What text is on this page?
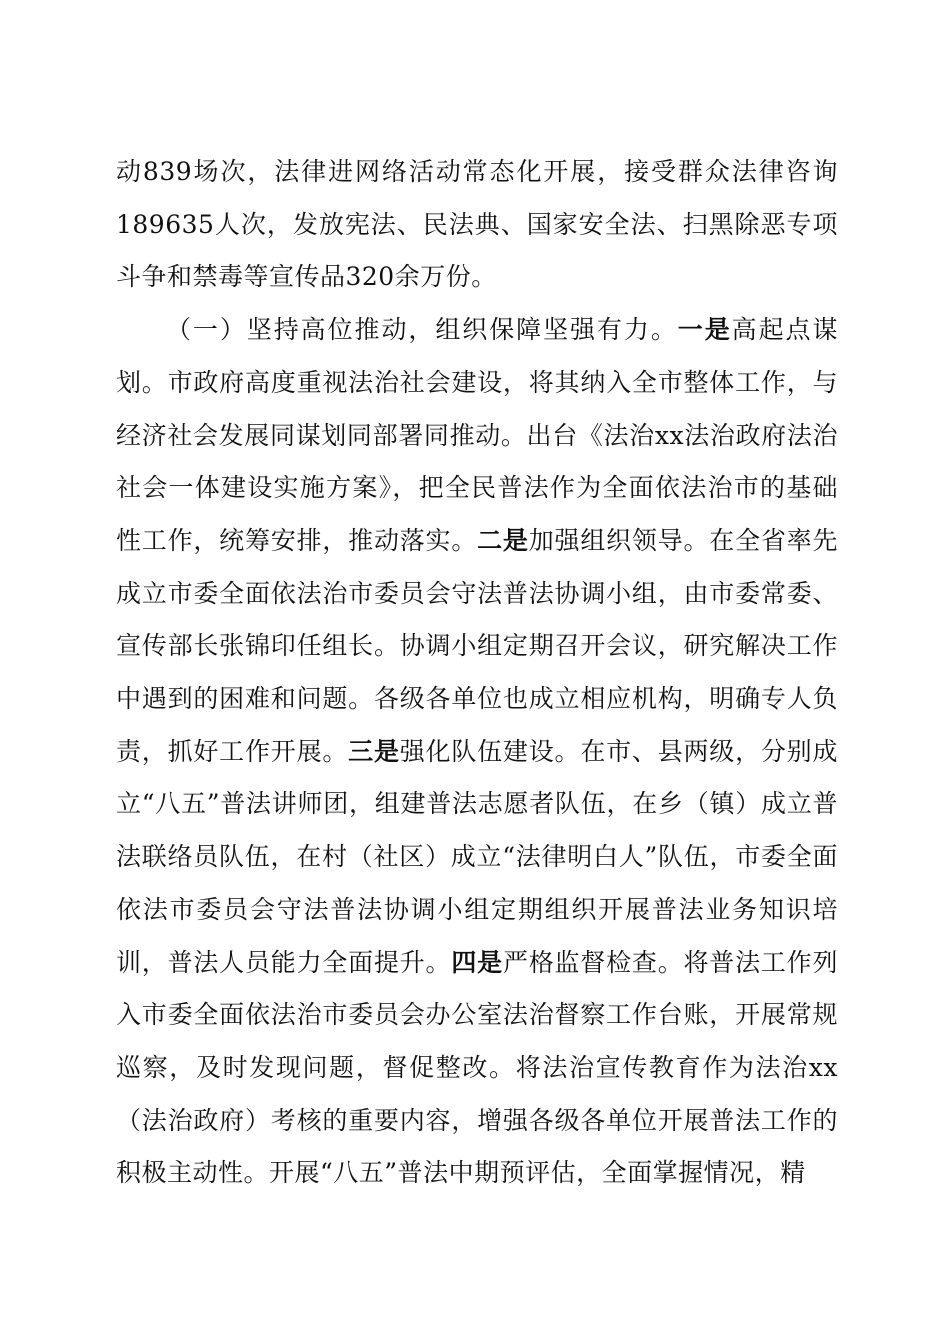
动839场次，法律进网络活动常态化开展，接受群众法律咨询189635人次，发放宪法、民法典、国家安全法、扫黑除恶专项斗争和禁毒等宣传品320余万份。

（一）坚持高位推动，组织保障坚强有力。一是高起点谋划。市政府高度重视法治社会建设，将其纳入全市整体工作，与经济社会发展同谋划同部署同推动。出台《法治xx法治政府法治社会一体建设实施方案》，把全民普法作为全面依法治市的基础性工作，统筹安排，推动落实。二是加强组织领导。在全省率先成立市委全面依法治市委员会守法普法协调小组，由市委常委、宣传部长张锦印任组长。协调小组定期召开会议，研究解决工作中遇到的困难和问题。各级各单位也成立相应机构，明确专人负责，抓好工作开展。三是强化队伍建设。在市、县两级，分别成立“八五”普法讲师团，组建普法志愿者队伍，在乡（镇）成立普法联络员队伍，在村（社区）成立“法律明白人”队伍，市委全面依法市委员会守法普法协调小组定期组织开展普法业务知识培训，普法人员能力全面提升。四是严格监督检查。将普法工作列入市委全面依法治市委员会办公室法治督察工作台账，开展常规巡察，及时发现问题，督促整改。将法治宣传教育作为法治xx（法治政府）考核的重要内容，增强各级各单位开展普法工作的积极主动性。开展“八五”普法中期预评估，全面掌握情况，精
